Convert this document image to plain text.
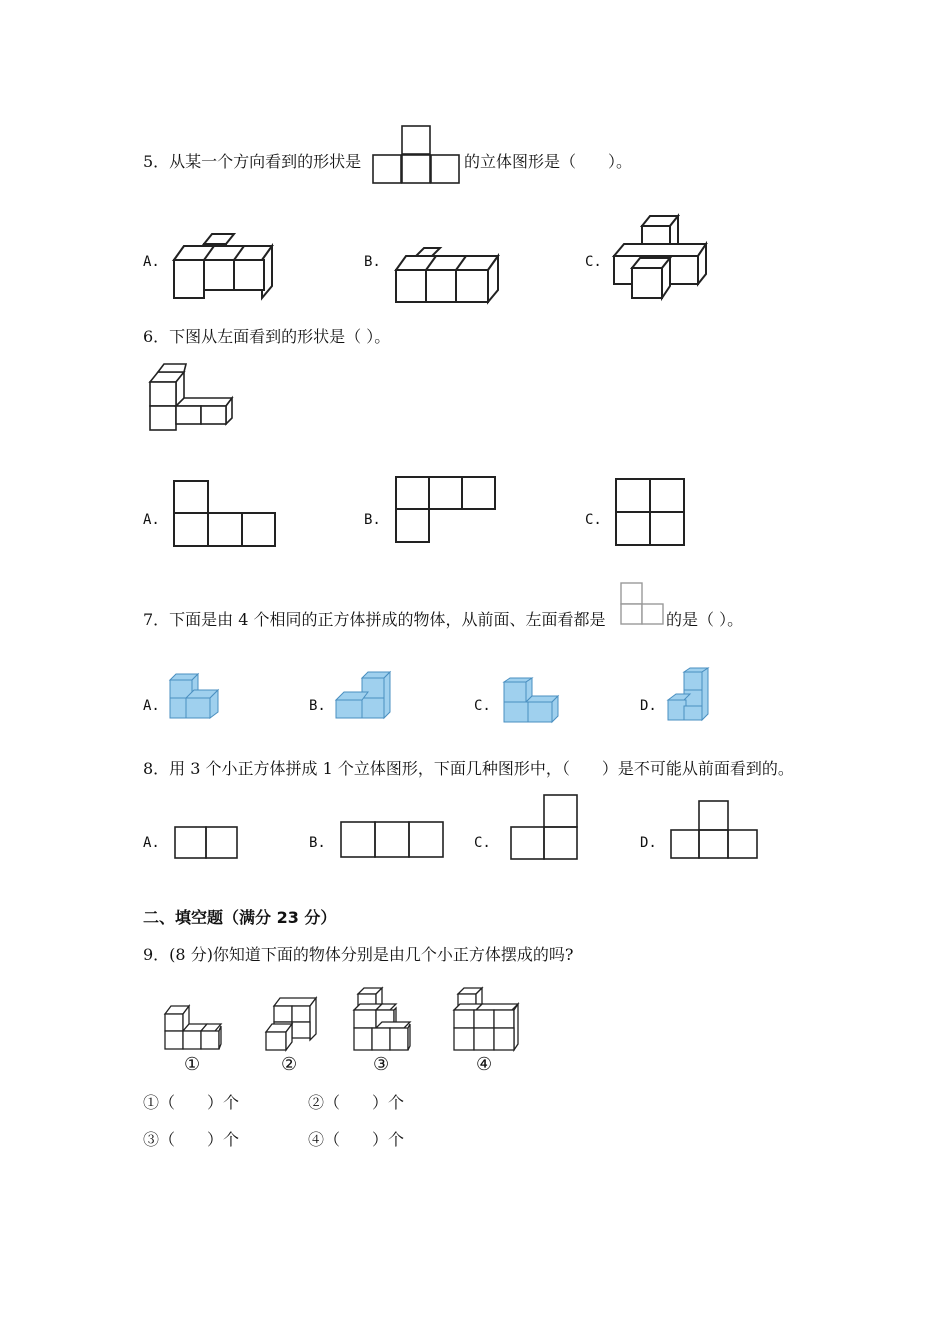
5．从某一个方向看到的形状是	的立体图形是（　　）。
A.	B.	C.
6．下图从左面看到的形状是（ ）。
A.	B.	C.
7．下面是由 4 个相同的正方体拼成的物体，从前面、左面看都是	的是（ ）。
A.	B.	C.	D.
8．用 3 个小正方体拼成 1 个立体图形，下面几种图形中，（　　）是不可能从前面看到的。
A.	B.	C.	D.
二、填空题（满分 23 分）
9．(8 分)你知道下面的物体分别是由几个小正方体摆成的吗?
①	②	③	④
①（　　）个	②（　　）个
③（　　）个	④（　　）个
